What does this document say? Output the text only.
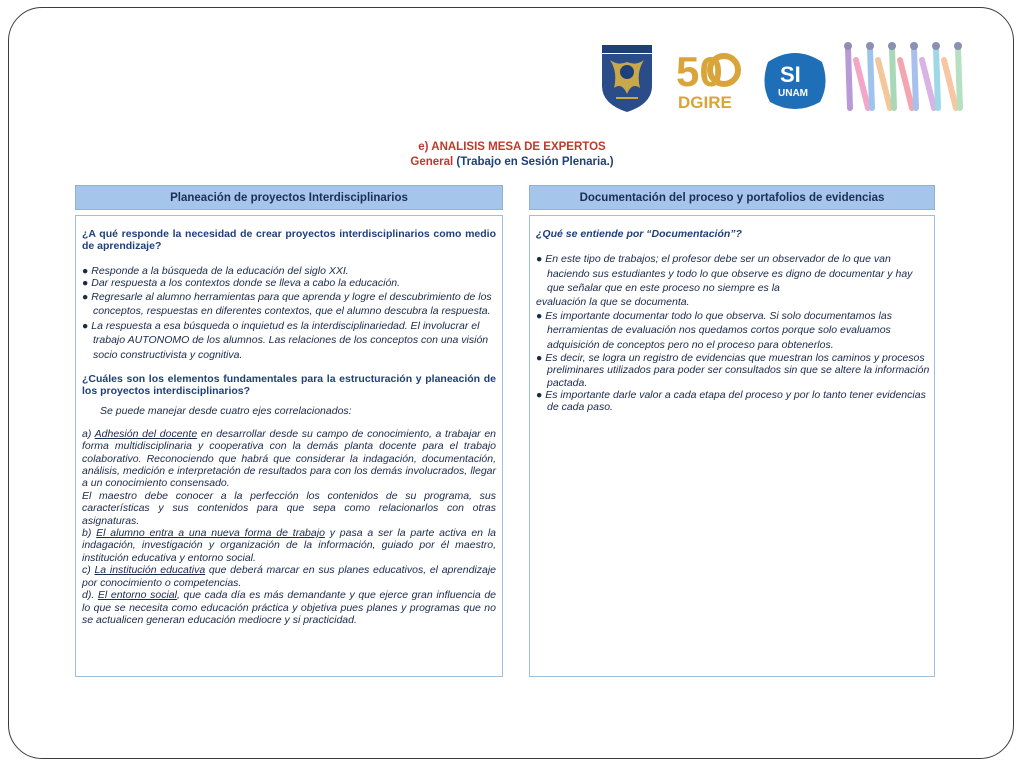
50
DGIRE
SI
UNAM
e) ANALISIS MESA DE EXPERTOS
General (Trabajo en Sesión Plenaria.)
Planeación de proyectos Interdisciplinarios

¿A qué responde la necesidad de crear proyectos interdisciplinarios como medio de aprendizaje?

● Responde a la búsqueda de la educación del siglo XXI.

● Dar respuesta a los contextos donde se lleva a cabo la educación.

● Regresarle al alumno herramientas para que aprenda y logre el descubrimiento de los conceptos, respuestas en diferentes contextos, que el alumno descubra la respuesta.

● La respuesta a esa búsqueda o inquietud es la interdisciplinariedad. El involucrar el trabajo AUTONOMO de los alumnos. Las relaciones de los conceptos con una visión socio constructivista y cognitiva.

¿Cuáles son los elementos fundamentales para la estructuración y planeación de los proyectos interdisciplinarios?

Se puede manejar desde cuatro ejes correlacionados:

a) Adhesión del docente en desarrollar desde su campo de conocimiento, a trabajar en forma multidisciplinaria y cooperativa con la demás planta docente para el trabajo colaborativo. Reconociendo que habrá que considerar la indagación, documentación, análisis, medición e interpretación de resultados para con los demás involucrados, llegar a un conocimiento consensado.

El maestro debe conocer a la perfección los contenidos de su programa, sus características y sus contenidos para que sepa como relacionarlos con otras asignaturas.

b) El alumno entra a una nueva forma de trabajo y pasa a ser la parte activa en la indagación, investigación y organización de la información, guiado por él maestro, institución educativa y entorno social.

c) La institución educativa que deberá marcar en sus planes educativos, el aprendizaje por conocimiento o competencias.

d). El entorno social, que cada día es más demandante y que ejerce gran influencia de lo que se necesita como educación práctica y objetiva pues planes y programas que no se actualicen generan educación mediocre y si practicidad.

Documentación del proceso y portafolios de evidencias

¿Qué se entiende por “Documentación”?

● En este tipo de trabajos; el profesor debe ser un observador de lo que van haciendo sus estudiantes y todo lo que observe es digno de documentar y hay que señalar que en este proceso no siempre es la

evaluación la que se documenta.

● Es importante documentar todo lo que observa. Si solo documentamos las herramientas de evaluación nos quedamos cortos porque solo evaluamos adquisición de conceptos pero no el proceso para obtenerlos.

● Es decir, se logra un registro de evidencias que muestran los caminos y procesos preliminares utilizados para poder ser consultados sin que se altere la información pactada.

● Es importante darle valor a cada etapa del proceso y por lo tanto tener evidencias de cada paso.
